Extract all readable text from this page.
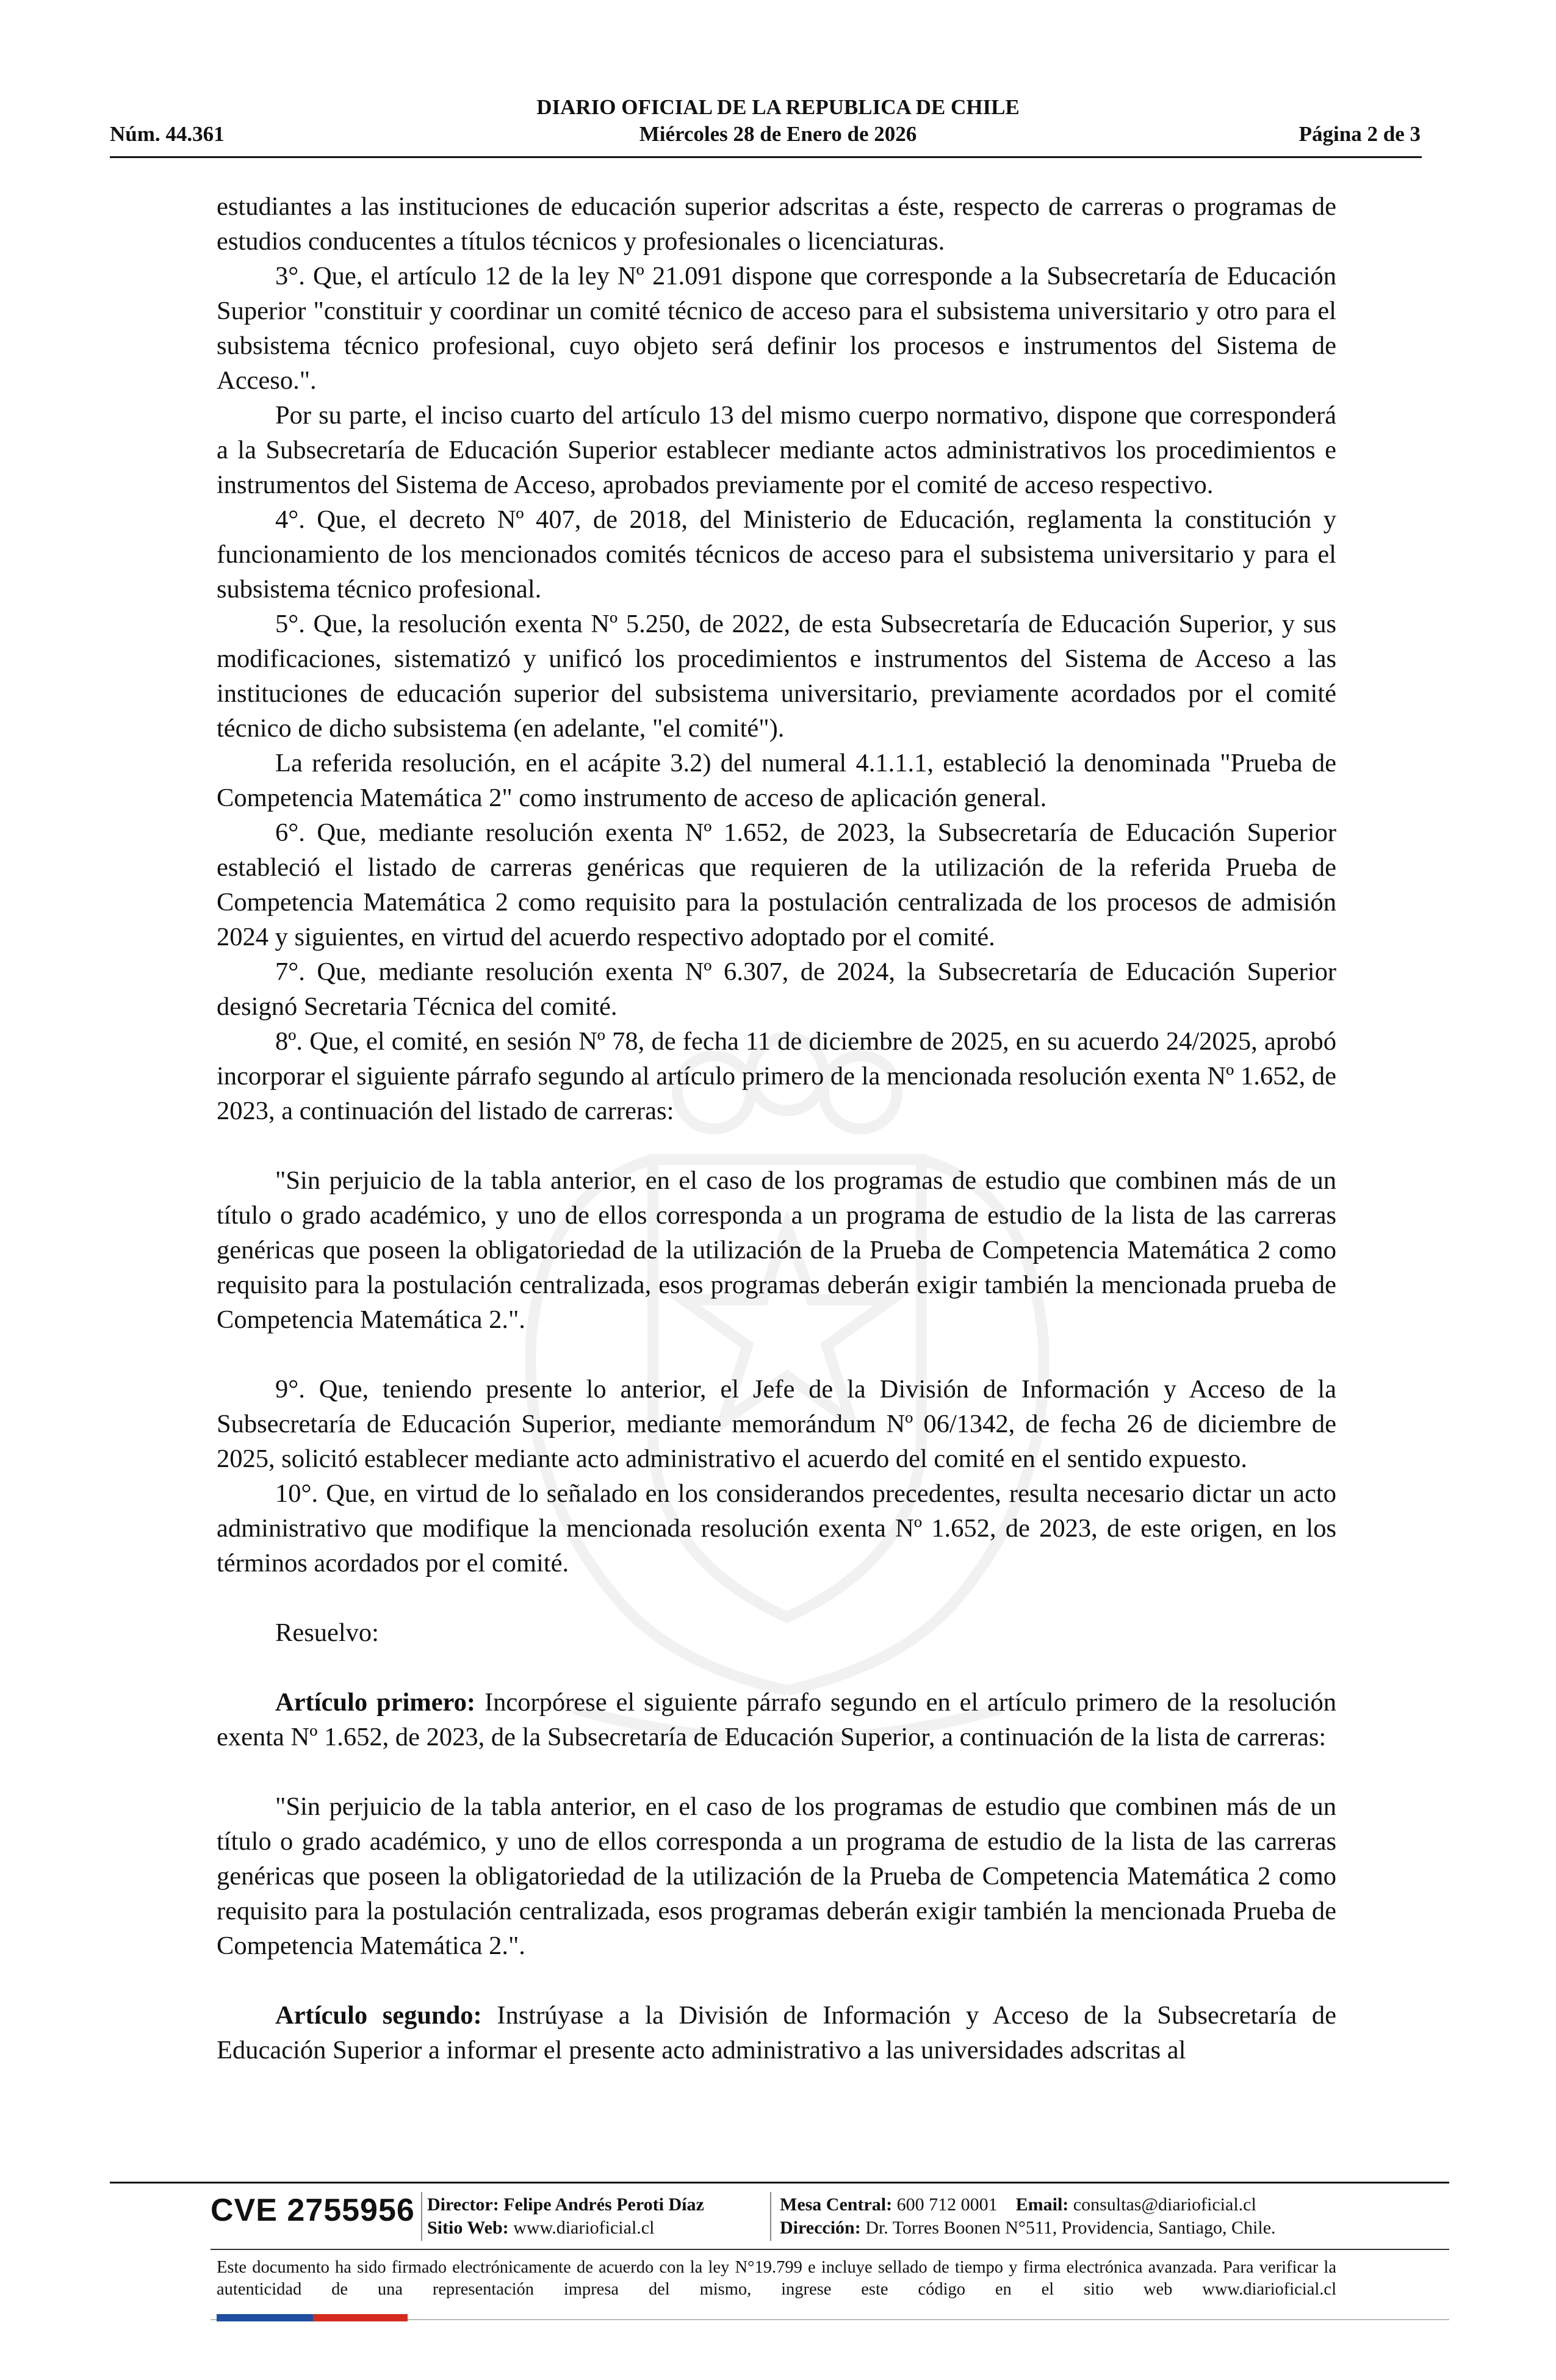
DIARIO OFICIAL DE LA REPUBLICA DE CHILE
Núm. 44.361	Miércoles 28 de Enero de 2026	Página 2 de 3

estudiantes a las instituciones de educación superior adscritas a éste, respecto de carreras o programas de estudios conducentes a títulos técnicos y profesionales o licenciaturas.

3°. Que, el artículo 12 de la ley Nº 21.091 dispone que corresponde a la Subsecretaría de Educación Superior "constituir y coordinar un comité técnico de acceso para el subsistema universitario y otro para el subsistema técnico profesional, cuyo objeto será definir los procesos e instrumentos del Sistema de Acceso.".

Por su parte, el inciso cuarto del artículo 13 del mismo cuerpo normativo, dispone que corresponderá a la Subsecretaría de Educación Superior establecer mediante actos administrativos los procedimientos e instrumentos del Sistema de Acceso, aprobados previamente por el comité de acceso respectivo.

4°. Que, el decreto Nº 407, de 2018, del Ministerio de Educación, reglamenta la constitución y funcionamiento de los mencionados comités técnicos de acceso para el subsistema universitario y para el subsistema técnico profesional.

5°. Que, la resolución exenta Nº 5.250, de 2022, de esta Subsecretaría de Educación Superior, y sus modificaciones, sistematizó y unificó los procedimientos e instrumentos del Sistema de Acceso a las instituciones de educación superior del subsistema universitario, previamente acordados por el comité técnico de dicho subsistema (en adelante, "el comité").

La referida resolución, en el acápite 3.2) del numeral 4.1.1.1, estableció la denominada "Prueba de Competencia Matemática 2" como instrumento de acceso de aplicación general.

6°. Que, mediante resolución exenta Nº 1.652, de 2023, la Subsecretaría de Educación Superior estableció el listado de carreras genéricas que requieren de la utilización de la referida Prueba de Competencia Matemática 2 como requisito para la postulación centralizada de los procesos de admisión 2024 y siguientes, en virtud del acuerdo respectivo adoptado por el comité.

7°. Que, mediante resolución exenta Nº 6.307, de 2024, la Subsecretaría de Educación Superior designó Secretaria Técnica del comité.

8º. Que, el comité, en sesión Nº 78, de fecha 11 de diciembre de 2025, en su acuerdo 24/2025, aprobó incorporar el siguiente párrafo segundo al artículo primero de la mencionada resolución exenta Nº 1.652, de 2023, a continuación del listado de carreras:

"Sin perjuicio de la tabla anterior, en el caso de los programas de estudio que combinen más de un título o grado académico, y uno de ellos corresponda a un programa de estudio de la lista de las carreras genéricas que poseen la obligatoriedad de la utilización de la Prueba de Competencia Matemática 2 como requisito para la postulación centralizada, esos programas deberán exigir también la mencionada prueba de Competencia Matemática 2.".

9°. Que, teniendo presente lo anterior, el Jefe de la División de Información y Acceso de la Subsecretaría de Educación Superior, mediante memorándum Nº 06/1342, de fecha 26 de diciembre de 2025, solicitó establecer mediante acto administrativo el acuerdo del comité en el sentido expuesto.

10°. Que, en virtud de lo señalado en los considerandos precedentes, resulta necesario dictar un acto administrativo que modifique la mencionada resolución exenta Nº 1.652, de 2023, de este origen, en los términos acordados por el comité.

Resuelvo:

Artículo primero: Incorpórese el siguiente párrafo segundo en el artículo primero de la resolución exenta Nº 1.652, de 2023, de la Subsecretaría de Educación Superior, a continuación de la lista de carreras:

"Sin perjuicio de la tabla anterior, en el caso de los programas de estudio que combinen más de un título o grado académico, y uno de ellos corresponda a un programa de estudio de la lista de las carreras genéricas que poseen la obligatoriedad de la utilización de la Prueba de Competencia Matemática 2 como requisito para la postulación centralizada, esos programas deberán exigir también la mencionada Prueba de Competencia Matemática 2.".

Artículo segundo: Instrúyase a la División de Información y Acceso de la Subsecretaría de Educación Superior a informar el presente acto administrativo a las universidades adscritas al

CVE 2755956 Director: Felipe Andrés Peroti Díaz
Sitio Web: www.diarioficial.cl
Mesa Central: 600 712 0001 Email: consultas@diarioficial.cl
Dirección: Dr. Torres Boonen N°511, Providencia, Santiago, Chile.
Este documento ha sido firmado electrónicamente de acuerdo con la ley N°19.799 e incluye sellado de tiempo y firma electrónica avanzada. Para verificar la autenticidad de una representación impresa del mismo, ingrese este código en el sitio web www.diarioficial.cl
